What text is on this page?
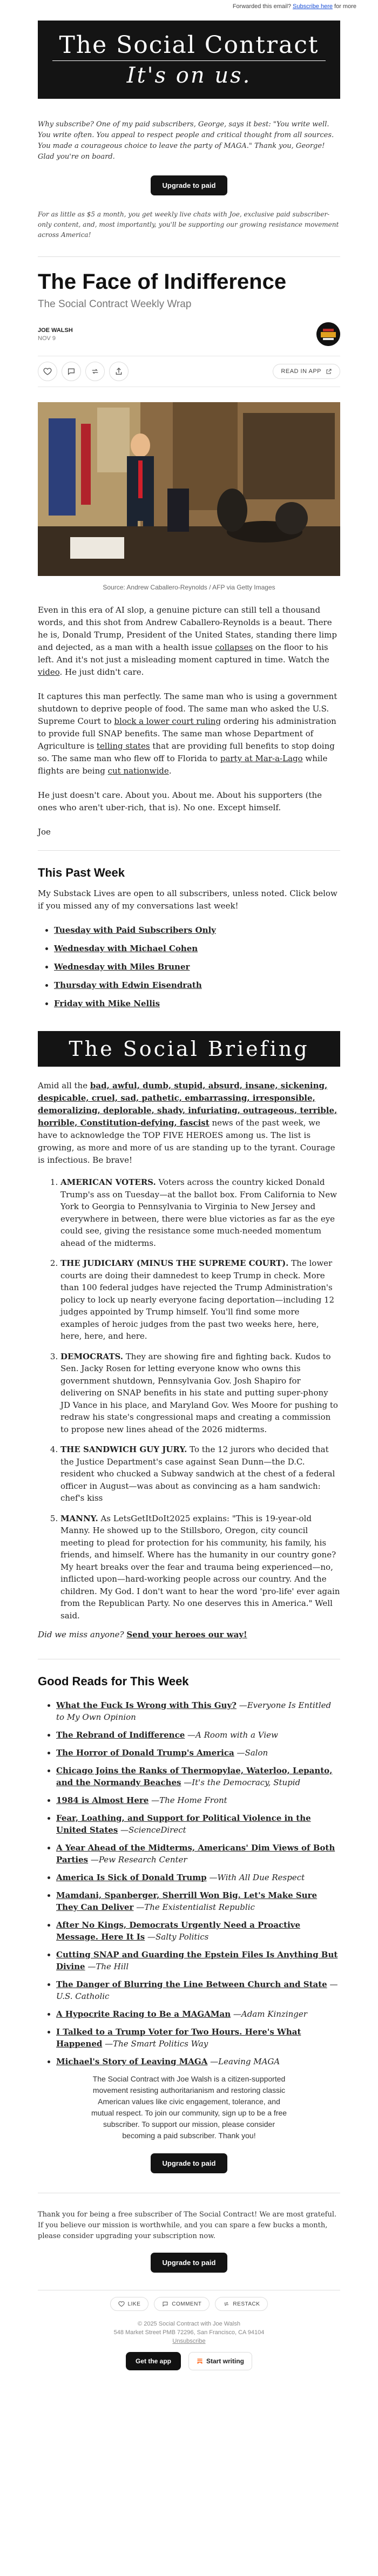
Forwarded this email? Subscribe here for more
The Social Contract
It's on us.

Why subscribe? One of my paid subscribers, George, says it best: "You write well. You write often. You appeal to respect people and critical thought from all sources. You made a courageous choice to leave the party of MAGA." Thank you, George! Glad you're on board.

Upgrade to paid

For as little as $5 a month, you get weekly live chats with Joe, exclusive paid subscriber-only content, and, most importantly, you'll be supporting our growing resistance movement across America!

The Face of Indifference
The Social Contract Weekly Wrap
JOE WALSH
NOV 9
READ IN APP
Source: Andrew Caballero-Reynolds / AFP via Getty Images

Even in this era of AI slop, a genuine picture can still tell a thousand words, and this shot from Andrew Caballero-Reynolds is a beaut. There he is, Donald Trump, President of the United States, standing there limp and dejected, as a man with a health issue collapses on the floor to his left. And it's not just a misleading moment captured in time. Watch the video. He just didn't care.

It captures this man perfectly. The same man who is using a government shutdown to deprive people of food. The same man who asked the U.S. Supreme Court to block a lower court ruling ordering his administration to provide full SNAP benefits. The same man whose Department of Agriculture is telling states that are providing full benefits to stop doing so. The same man who flew off to Florida to party at Mar-a-Lago while flights are being cut nationwide.

He just doesn't care. About you. About me. About his supporters (the ones who aren't uber-rich, that is). No one. Except himself.

Joe

This Past Week

My Substack Lives are open to all subscribers, unless noted. Click below if you missed any of my conversations last week!

• Tuesday with Paid Subscribers Only
• Wednesday with Michael Cohen
• Wednesday with Miles Bruner
• Thursday with Edwin Eisendrath
• Friday with Mike Nellis
The Social Briefing

Amid all the bad, awful, dumb, stupid, absurd, insane, sickening, despicable, cruel, sad, pathetic, embarrassing, irresponsible, demoralizing, deplorable, shady, infuriating, outrageous, terrible, horrible, Constitution-defying, fascist news of the past week, we have to acknowledge the TOP FIVE HEROES among us. The list is growing, as more and more of us are standing up to the tyrant. Courage is infectious. Be brave!

1. AMERICAN VOTERS. Voters across the country kicked Donald Trump's ass on Tuesday—at the ballot box. From California to New York to Georgia to Pennsylvania to Virginia to New Jersey and everywhere in between, there were blue victories as far as the eye could see, giving the resistance some much-needed momentum ahead of the midterms.
2. THE JUDICIARY (MINUS THE SUPREME COURT). The lower courts are doing their damnedest to keep Trump in check. More than 100 federal judges have rejected the Trump Administration's policy to lock up nearly everyone facing deportation—including 12 judges appointed by Trump himself. You'll find some more examples of heroic judges from the past two weeks here, here, here, here, and here.
3. DEMOCRATS. They are showing fire and fighting back. Kudos to Sen. Jacky Rosen for letting everyone know who owns this government shutdown, Pennsylvania Gov. Josh Shapiro for delivering on SNAP benefits in his state and putting super-phony JD Vance in his place, and Maryland Gov. Wes Moore for pushing to redraw his state's congressional maps and creating a commission to propose new lines ahead of the 2026 midterms.
4. THE SANDWICH GUY JURY. To the 12 jurors who decided that the Justice Department's case against Sean Dunn—the D.C. resident who chucked a Subway sandwich at the chest of a federal officer in August—was about as convincing as a ham sandwich: chef's kiss
5. MANNY. As LetsGetItDoIt2025 explains: "This is 19-year-old Manny. He showed up to the Stillsboro, Oregon, city council meeting to plead for protection for his community, his family, his friends, and himself. Where has the humanity in our country gone? My heart breaks over the fear and trauma being experienced—no, inflicted upon—hard-working people across our country. And the children. My God. I don't want to hear the word 'pro-life' ever again from the Republican Party. No one deserves this in America." Well said.

Did we miss anyone? Send your heroes our way!

Good Reads for This Week
• What the Fuck Is Wrong with This Guy? —Everyone Is Entitled to My Own Opinion
• The Rebrand of Indifference —A Room with a View
• The Horror of Donald Trump's America —Salon
• Chicago Joins the Ranks of Thermopylae, Waterloo, Lepanto, and the Normandy Beaches —It's the Democracy, Stupid
• 1984 is Almost Here —The Home Front
• Fear, Loathing, and Support for Political Violence in the United States —ScienceDirect
• A Year Ahead of the Midterms, Americans' Dim Views of Both Parties —Pew Research Center
• America Is Sick of Donald Trump —With All Due Respect
• Mamdani, Spanberger, Sherrill Won Big. Let's Make Sure They Can Deliver —The Existentialist Republic
• After No Kings, Democrats Urgently Need a Proactive Message. Here It Is —Salty Politics
• Cutting SNAP and Guarding the Epstein Files Is Anything But Divine —The Hill
• The Danger of Blurring the Line Between Church and State —U.S. Catholic
• A Hypocrite Racing to Be a MAGAMan —Adam Kinzinger
• I Talked to a Trump Voter for Two Hours. Here's What Happened —The Smart Politics Way
• Michael's Story of Leaving MAGA —Leaving MAGA

The Social Contract with Joe Walsh is a citizen-supported movement resisting authoritarianism and restoring classic American values like civic engagement, tolerance, and mutual respect. To join our community, sign up to be a free subscriber. To support our mission, please consider becoming a paid subscriber. Thank you!

Upgrade to paid

Thank you for being a free subscriber of The Social Contract! We are most grateful. If you believe our mission is worthwhile, and you can spare a few bucks a month, please consider upgrading your subscription now.

Upgrade to paid
LIKE	COMMENT	RESTACK
© 2025 Social Contract with Joe Walsh
548 Market Street PMB 72296, San Francisco, CA 94104
Unsubscribe
Get the app	Start writing
